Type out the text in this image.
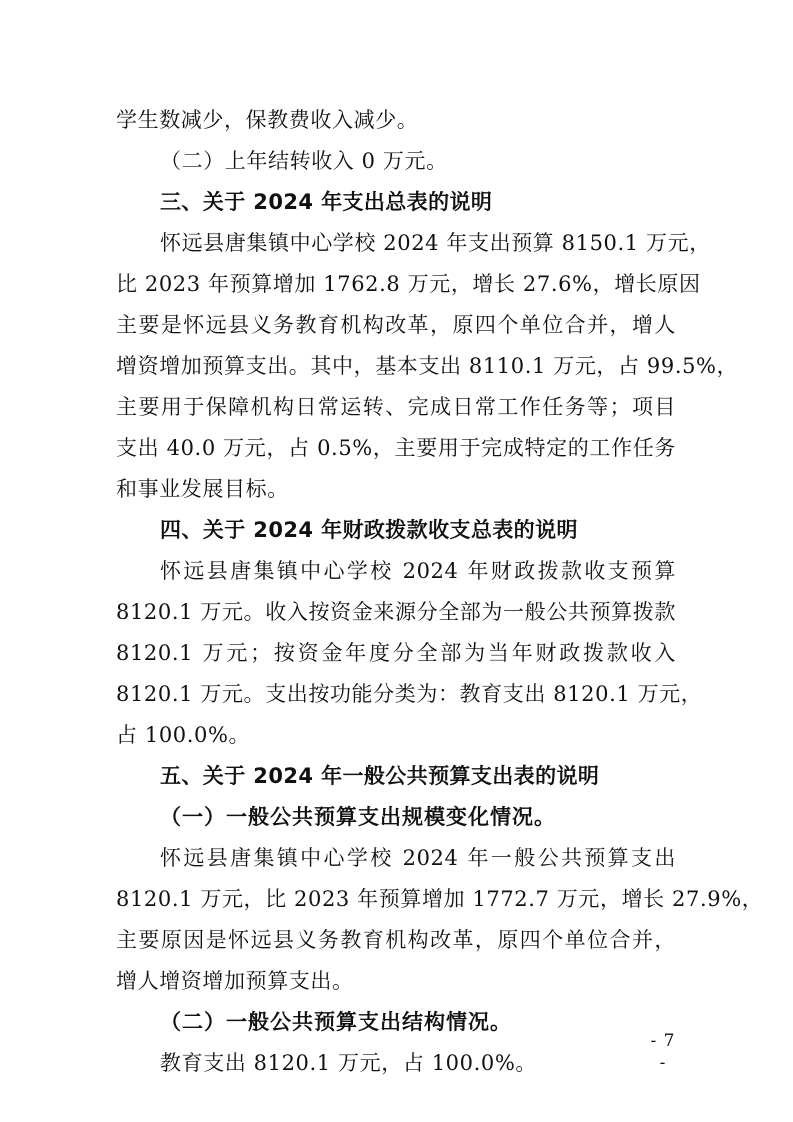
学生数减少，保教费收入减少。
（二）上年结转收入 0 万元。
三、关于 2024 年支出总表的说明
怀远县唐集镇中心学校 2024 年支出预算 8150.1 万元，
比 2023 年预算增加 1762.8 万元，增长 27.6%，增长原因
主要是怀远县义务教育机构改革，原四个单位合并，增人
增资增加预算支出。其中，基本支出 8110.1 万元，占 99.5%，
主要用于保障机构日常运转、完成日常工作任务等；项目
支出 40.0 万元，占 0.5%，主要用于完成特定的工作任务
和事业发展目标。
四、关于 2024 年财政拨款收支总表的说明
怀远县唐集镇中心学校 2024 年财政拨款收支预算
8120.1 万元。收入按资金来源分全部为一般公共预算拨款
8120.1 万元；按资金年度分全部为当年财政拨款收入
8120.1 万元。支出按功能分类为：教育支出 8120.1 万元，
占 100.0%。
五、关于 2024 年一般公共预算支出表的说明
（一）一般公共预算支出规模变化情况。
怀远县唐集镇中心学校 2024 年一般公共预算支出
8120.1 万元，比 2023 年预算增加 1772.7 万元，增长 27.9%，
主要原因是怀远县义务教育机构改革，原四个单位合并，
增人增资增加预算支出。
（二）一般公共预算支出结构情况。
教育支出 8120.1 万元，占 100.0%。
- 7 -
